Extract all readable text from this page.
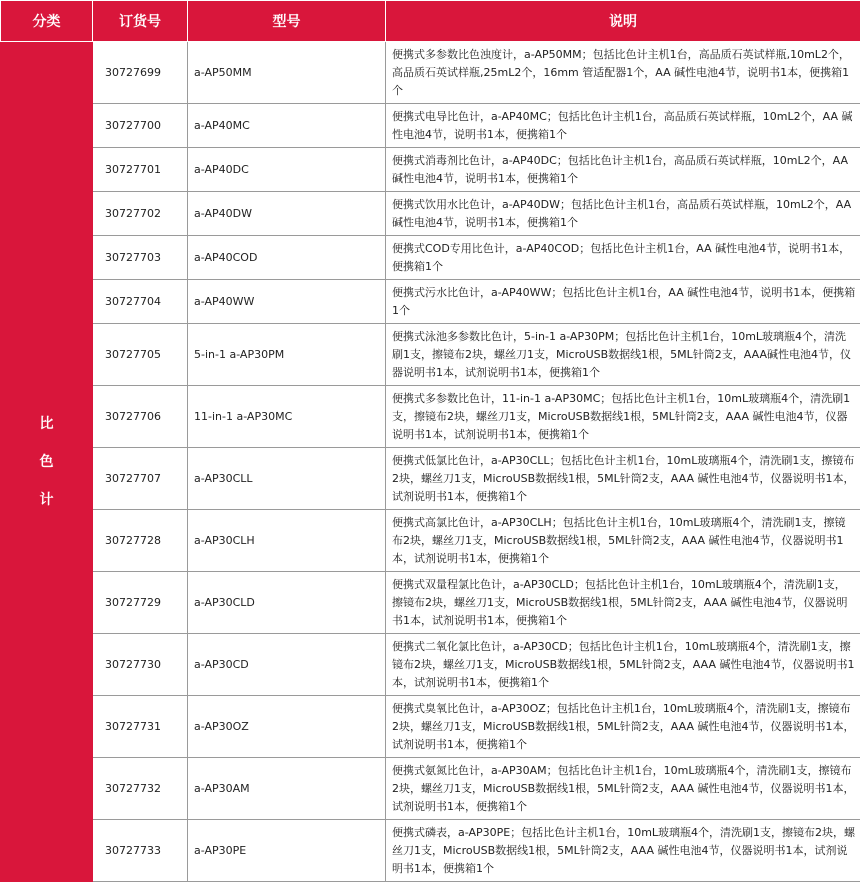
分类	订货号	型号	说明

比
色
计	30727699	a-AP50MM	便携式多参数比色浊度计，a-AP50MM；包括比色计主机1台，高品质石英试样瓶,10mL2个，高品质石英试样瓶,25mL2个，16mm 管适配器1个，AA 碱性电池4节，说明书1本，便携箱1个
	30727700	a-AP40MC	便携式电导比色计，a-AP40MC；包括比色计主机1台，高品质石英试样瓶，10mL2个，AA 碱性电池4节，说明书1本，便携箱1个
	30727701	a-AP40DC	便携式消毒剂比色计，a-AP40DC；包括比色计主机1台，高品质石英试样瓶，10mL2个，AA 碱性电池4节，说明书1本，便携箱1个
	30727702	a-AP40DW	便携式饮用水比色计，a-AP40DW；包括比色计主机1台，高品质石英试样瓶，10mL2个，AA 碱性电池4节，说明书1本，便携箱1个
	30727703	a-AP40COD	便携式COD专用比色计，a-AP40COD；包括比色计主机1台，AA 碱性电池4节，说明书1本，便携箱1个
	30727704	a-AP40WW	便携式污水比色计，a-AP40WW；包括比色计主机1台，AA 碱性电池4节，说明书1本，便携箱1个
	30727705	5-in-1 a-AP30PM	便携式泳池多参数比色计，5-in-1 a-AP30PM；包括比色计主机1台，10mL玻璃瓶4个，清洗刷1支，擦镜布2块，螺丝刀1支，MicroUSB数据线1根，5ML针筒2支，AAA碱性电池4节，仪器说明书1本，试剂说明书1本，便携箱1个
	30727706	11-in-1 a-AP30MC	便携式多参数比色计，11-in-1 a-AP30MC；包括比色计主机1台，10mL玻璃瓶4个，清洗刷1支，擦镜布2块，螺丝刀1支，MicroUSB数据线1根，5ML针筒2支，AAA 碱性电池4节，仪器说明书1本，试剂说明书1本，便携箱1个
	30727707	a-AP30CLL	便携式低氯比色计，a-AP30CLL；包括比色计主机1台，10mL玻璃瓶4个，清洗刷1支，擦镜布2块，螺丝刀1支，MicroUSB数据线1根，5ML针筒2支，AAA 碱性电池4节，仪器说明书1本，试剂说明书1本，便携箱1个
	30727728	a-AP30CLH	便携式高氯比色计，a-AP30CLH；包括比色计主机1台，10mL玻璃瓶4个，清洗刷1支，擦镜布2块，螺丝刀1支，MicroUSB数据线1根，5ML针筒2支，AAA 碱性电池4节，仪器说明书1本，试剂说明书1本，便携箱1个
	30727729	a-AP30CLD	便携式双量程氯比色计，a-AP30CLD；包括比色计主机1台，10mL玻璃瓶4个，清洗刷1支，擦镜布2块，螺丝刀1支，MicroUSB数据线1根，5ML针筒2支，AAA 碱性电池4节，仪器说明书1本，试剂说明书1本，便携箱1个
	30727730	a-AP30CD	便携式二氧化氯比色计，a-AP30CD；包括比色计主机1台，10mL玻璃瓶4个，清洗刷1支，擦镜布2块，螺丝刀1支，MicroUSB数据线1根，5ML针筒2支，AAA 碱性电池4节，仪器说明书1本，试剂说明书1本，便携箱1个
	30727731	a-AP30OZ	便携式臭氧比色计，a-AP30OZ；包括比色计主机1台，10mL玻璃瓶4个，清洗刷1支，擦镜布2块，螺丝刀1支，MicroUSB数据线1根，5ML针筒2支，AAA 碱性电池4节，仪器说明书1本，试剂说明书1本，便携箱1个
	30727732	a-AP30AM	便携式氨氮比色计，a-AP30AM；包括比色计主机1台，10mL玻璃瓶4个，清洗刷1支，擦镜布2块，螺丝刀1支，MicroUSB数据线1根，5ML针筒2支，AAA 碱性电池4节，仪器说明书1本，试剂说明书1本，便携箱1个
	30727733	a-AP30PE	便携式磷表，a-AP30PE；包括比色计主机1台，10mL玻璃瓶4个，清洗刷1支，擦镜布2块，螺丝刀1支，MicroUSB数据线1根，5ML针筒2支，AAA 碱性电池4节，仪器说明书1本，试剂说明书1本，便携箱1个
